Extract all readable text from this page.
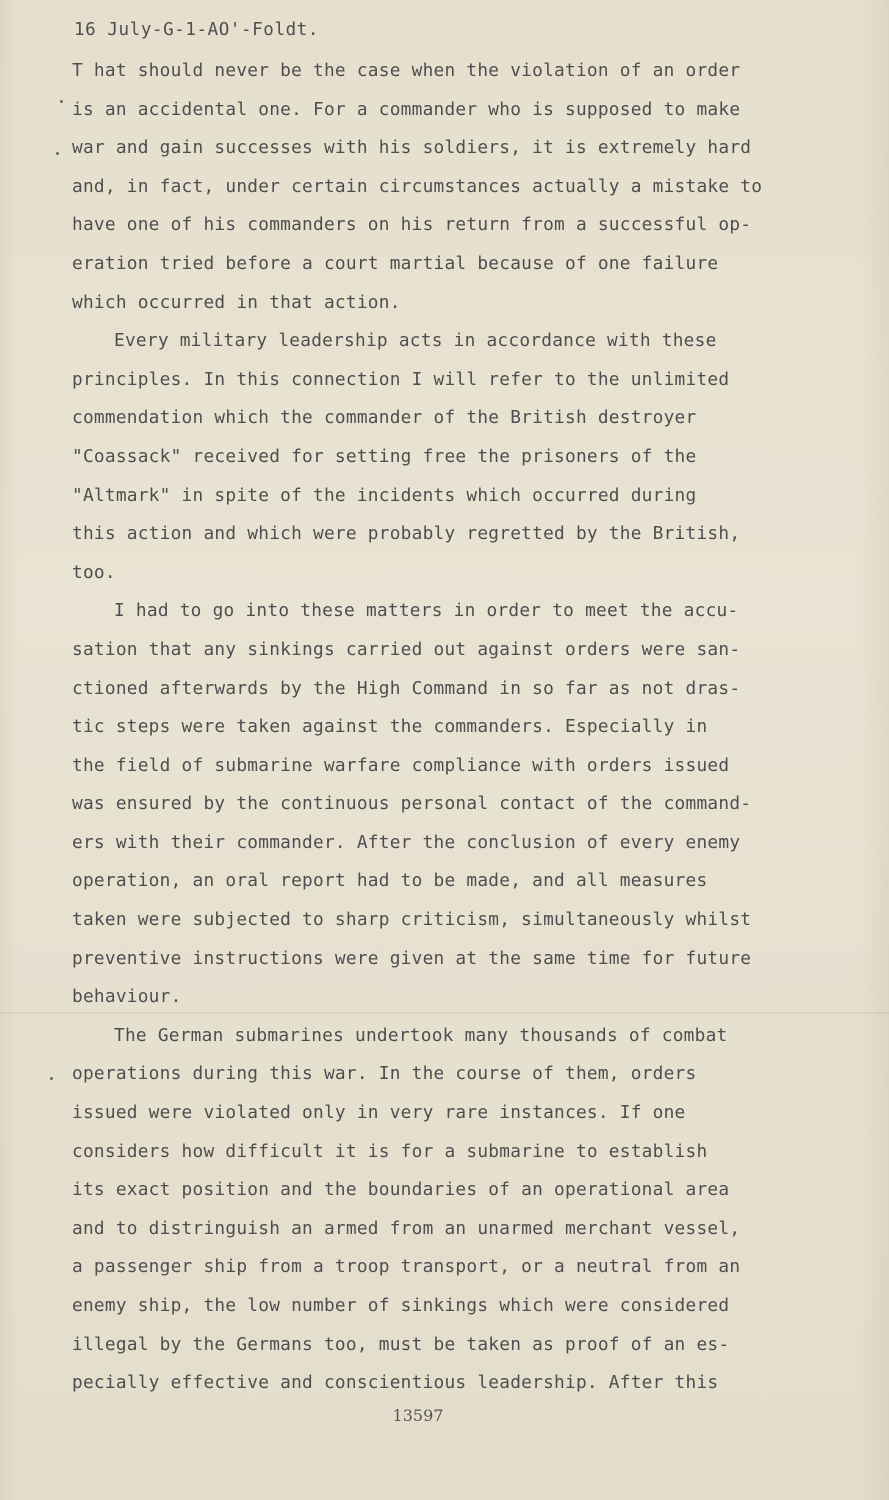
16 July-G-1-AO'-Foldt.
T hat should never be the case when the violation of an order
is an accidental one. For a commander who is supposed to make
war and gain successes with his soldiers, it is extremely hard
and, in fact, under certain circumstances actually a mistake to
have one of his commanders on his return from a successful op-
eration tried before a court martial because of one failure
which occurred in that action.
Every military leadership acts in accordance with these
principles. In this connection I will refer to the unlimited
commendation which the commander of the British destroyer
"Coassack" received for setting free the prisoners of the
"Altmark" in spite of the incidents which occurred during
this action and which were probably regretted by the British,
too.
I had to go into these matters in order to meet the accu-
sation that any sinkings carried out against orders were san-
ctioned afterwards by the High Command in so far as not dras-
tic steps were taken against the commanders. Especially in
the field of submarine warfare compliance with orders issued
was ensured by the continuous personal contact of the command-
ers with their commander. After the conclusion of every enemy
operation, an oral report had to be made, and all measures
taken were subjected to sharp criticism, simultaneously whilst
preventive instructions were given at the same time for future
behaviour.
The German submarines undertook many thousands of combat
operations during this war. In the course of them, orders
issued were violated only in very rare instances. If one
considers how difficult it is for a submarine to establish
its exact position and the boundaries of an operational area
and to distringuish an armed from an unarmed merchant vessel,
a passenger ship from a troop transport, or a neutral from an
enemy ship, the low number of sinkings which were considered
illegal by the Germans too, must be taken as proof of an es-
pecially effective and conscientious leadership. After this
13597
